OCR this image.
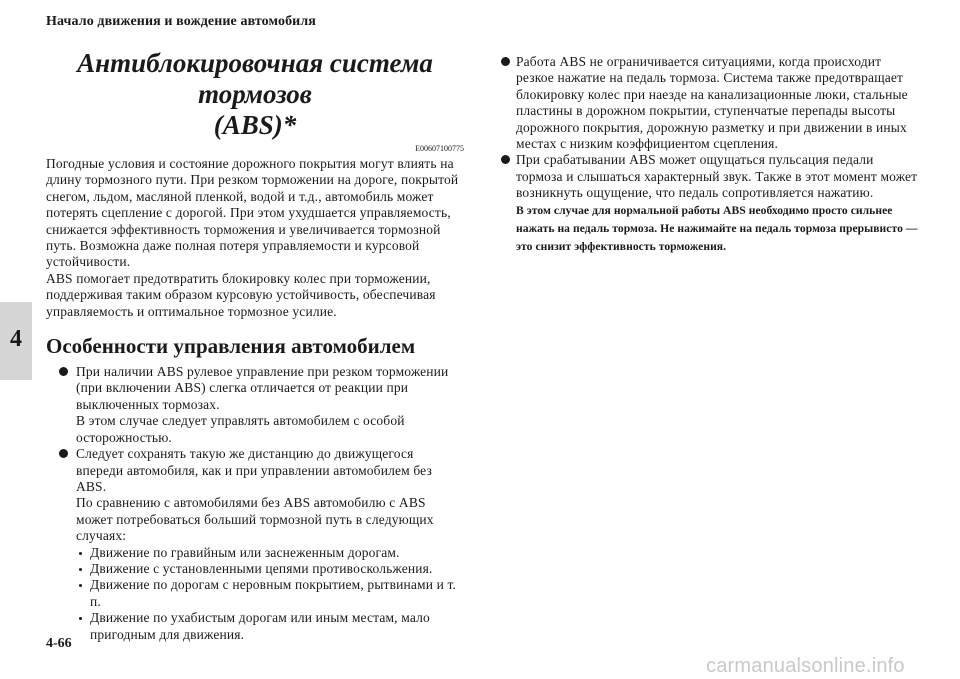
Начало движения и вождение автомобиля
4
Антиблокировочная система тормозов
(ABS)*
E00607100775

Погодные условия и состояние дорожного покрытия могут влиять на длину тормозного пути. При резком торможении на дороге, покрытой снегом, льдом, масляной пленкой, водой и т.д., автомобиль может потерять сцепление с дорогой. При этом ухудшается управляемость, снижается эффективность торможения и увеличивается тормозной путь. Возможна даже полная потеря управляемости и курсовой устойчивости.

ABS помогает предотвратить блокировку колес при торможении, поддерживая таким образом курсовую устойчивость, обеспечивая управляемость и оптимальное тормозное усилие.

Особенности управления автомобилем

При наличии ABS рулевое управление при резком торможении (при включении ABS) слегка отличается от реакции при выключенных тормозах.

В этом случае следует управлять автомобилем с особой осторожностью.

Следует сохранять такую же дистанцию до движущегося впереди автомобиля, как и при управлении автомобилем без ABS.

По сравнению с автомобилями без ABS автомобилю с ABS может потребоваться больший тормозной путь в следующих случаях:

Движение по гравийным или заснеженным дорогам.
Движение с установленными цепями противоскольжения.
Движение по дорогам с неровным покрытием, рытвинами и т. п.
Движение по ухабистым дорогам или иным местам, мало пригодным для движения.

Работа ABS не ограничивается ситуациями, когда происходит резкое нажатие на педаль тормоза. Система также предотвращает блокировку колес при наезде на канализационные люки, стальные пластины в дорожном покрытии, ступенчатые перепады высоты дорожного покрытия, дорожную разметку и при движении в иных местах с низким коэффициентом сцепления.

При срабатывании ABS может ощущаться пульсация педали тормоза и слышаться характерный звук. Также в этот момент может возникнуть ощущение, что педаль сопротивляется нажатию.

В этом случае для нормальной работы ABS необходимо просто сильнее нажать на педаль тормоза. Не нажимайте на педаль тормоза прерывисто — это снизит эффективность торможения.

4-66
carmanualsonline.info
